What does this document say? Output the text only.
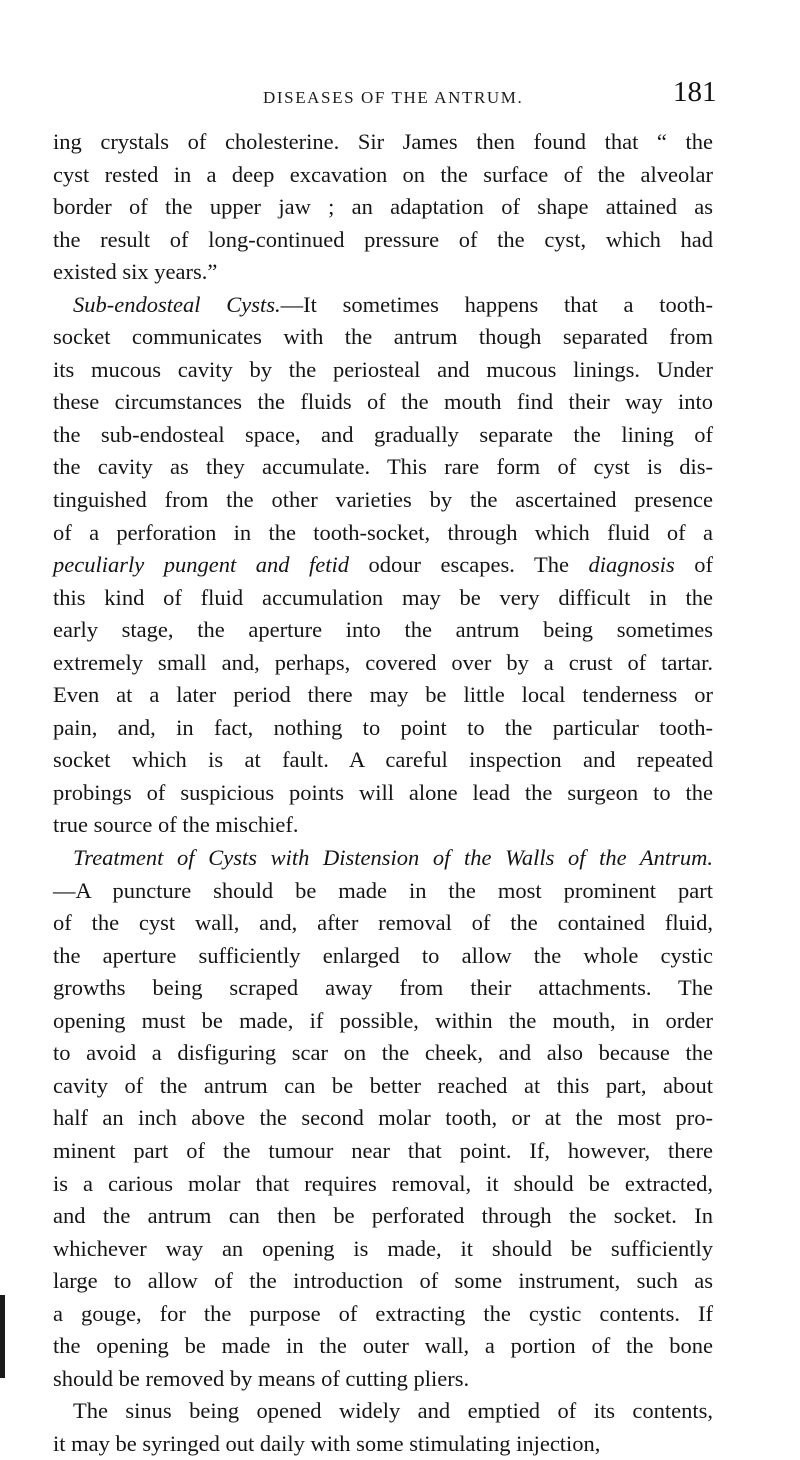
DISEASES OF THE ANTRUM.	181
ing crystals of cholesterine. Sir James then found that “ the
cyst rested in a deep excavation on the surface of the alveolar
border of the upper jaw ; an adaptation of shape attained as
the result of long-continued pressure of the cyst, which had
existed six years.”
Sub-endosteal Cysts.—It sometimes happens that a tooth-
socket communicates with the antrum though separated from
its mucous cavity by the periosteal and mucous linings. Under
these circumstances the fluids of the mouth find their way into
the sub-endosteal space, and gradually separate the lining of
the cavity as they accumulate. This rare form of cyst is dis-
tinguished from the other varieties by the ascertained presence
of a perforation in the tooth-socket, through which fluid of a
peculiarly pungent and fetid odour escapes. The diagnosis of
this kind of fluid accumulation may be very difficult in the
early stage, the aperture into the antrum being sometimes
extremely small and, perhaps, covered over by a crust of tartar.
Even at a later period there may be little local tenderness or
pain, and, in fact, nothing to point to the particular tooth-
socket which is at fault. A careful inspection and repeated
probings of suspicious points will alone lead the surgeon to the
true source of the mischief.
Treatment of Cysts with Distension of the Walls of the Antrum.
—A puncture should be made in the most prominent part
of the cyst wall, and, after removal of the contained fluid,
the aperture sufficiently enlarged to allow the whole cystic
growths being scraped away from their attachments. The
opening must be made, if possible, within the mouth, in order
to avoid a disfiguring scar on the cheek, and also because the
cavity of the antrum can be better reached at this part, about
half an inch above the second molar tooth, or at the most pro-
minent part of the tumour near that point. If, however, there
is a carious molar that requires removal, it should be extracted,
and the antrum can then be perforated through the socket. In
whichever way an opening is made, it should be sufficiently
large to allow of the introduction of some instrument, such as
a gouge, for the purpose of extracting the cystic contents. If
the opening be made in the outer wall, a portion of the bone
should be removed by means of cutting pliers.
The sinus being opened widely and emptied of its contents,
it may be syringed out daily with some stimulating injection,
